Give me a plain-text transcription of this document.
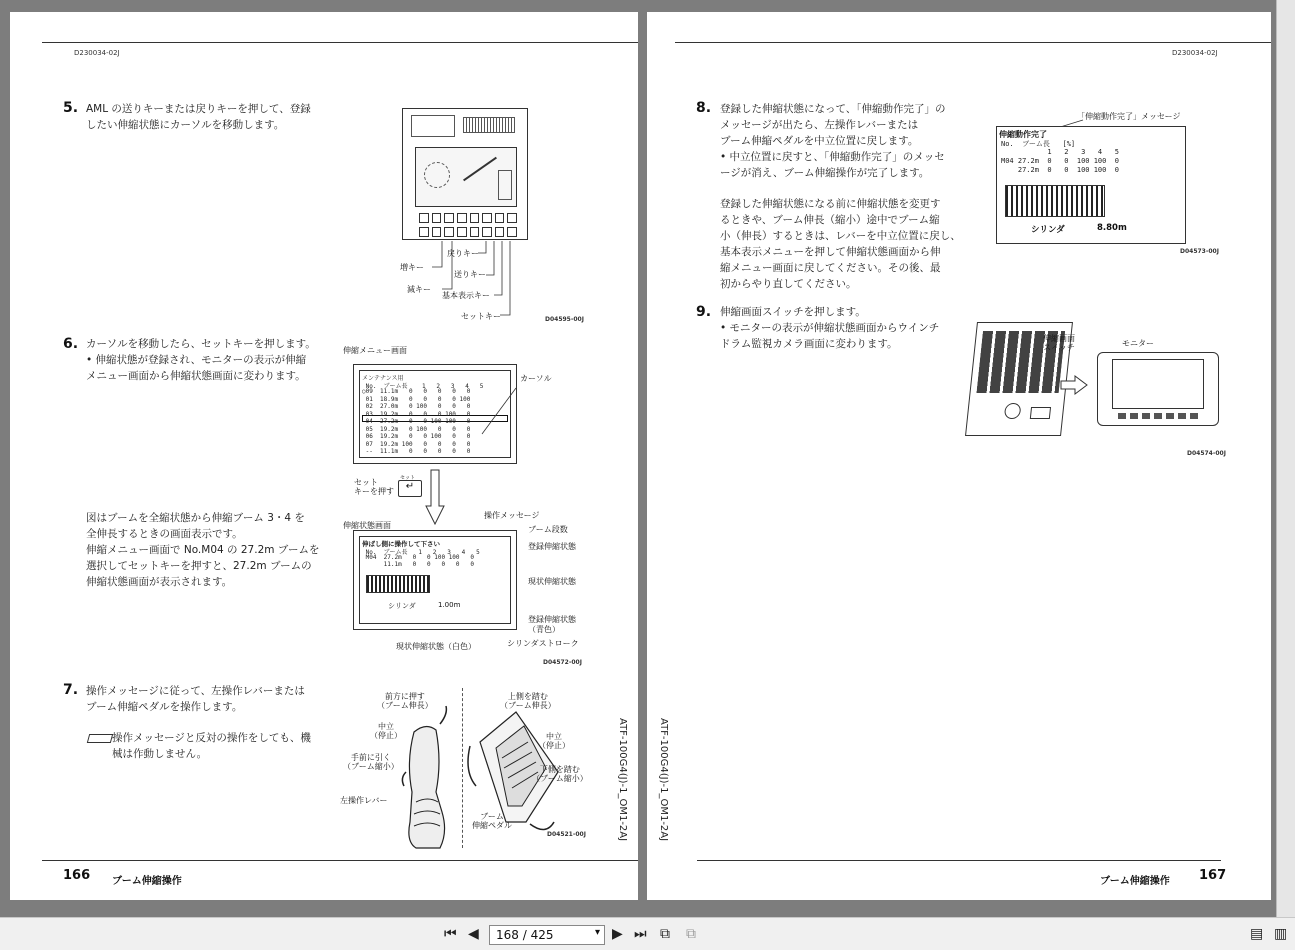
D230034-02J
5. AML の送りキーまたは戻りキーを押して、登録
したい伸縮状態にカーソルを移動します。
増キー
戻りキー
減キー
送りキー
基本表示キー
セットキー	D04595-00J
6. カーソルを移動したら、セットキーを押します。
• 伸縮状態が登録され、モニターの表示が伸縮
メニュー画面から伸縮状態画面に変わります。
図はブームを全縮状態から伸縮ブーム 3・4 を
全伸長するときの画面表示です。
伸縮メニュー画面で No.M04 の 27.2m ブームを
選択してセットキーを押すと、27.2m ブームの
伸縮状態画面が表示されます。
伸縮メニュー画面
メンテナンス用
No.  ブーム長    1   2   3   4   5
○09  11.1m   0   0   0   0   0
01  18.9m   0   0   0   0 100
02  27.0m   0 100   0   0   0
03  19.2m   0   0   0 100   0
04  27.2m   0   0 100 100   0
05  19.2m   0 100   0   0   0
06  19.2m   0   0 100   0   0
07  19.2m 100   0   0   0   0
--  11.1m   0   0   0   0   0
カーソル
セット
キーを押す
セット
↵
伸縮状態画面
操作メッセージ
ブーム段数
登録伸縮状態
現状伸縮状態
登録伸縮状態
（青色）
シリンダストローク
現状伸縮状態（白色）
伸ばし側に操作して下さい
No.  ブーム長   1   2   3   4   5
M04  27.2m   0   0 100 100   0
11.1m   0   0   0   0   0
シリンダ	1.00m
D04572-00J
7. 操作メッセージに従って、左操作レバーまたは
ブーム伸縮ペダルを操作します。
操作メッセージと反対の操作をしても、機
械は作動しません。
前方に押す
（ブーム伸長）
中立
（停止）
手前に引く
（ブーム縮小）
左操作レバー
上側を踏む
（ブーム伸長）
中立
（停止）
下側を踏む
（ブーム縮小）
ブーム
伸縮ペダル
D04521-00J	ATF-100G4(J)-1_OM1-2AJ
166 ブーム伸縮操作
D230034-02J
ATF-100G4(J)-1_OM1-2AJ
8. 登録した伸縮状態になって、「伸縮動作完了」の
メッセージが出たら、左操作レバーまたは
ブーム伸縮ペダルを中立位置に戻します。
• 中立位置に戻すと、「伸縮動作完了」のメッセ
ージが消え、ブーム伸縮操作が完了します。
登録した伸縮状態になる前に伸縮状態を変更す
るときや、ブーム伸長（縮小）途中でブーム縮
小（伸長）するときは、レバーを中立位置に戻し、
基本表示メニューを押して伸縮状態画面から伸
縮メニュー画面に戻してください。その後、最
初からやり直してください。
「伸縮動作完了」メッセージ
伸縮動作完了
No.  ブーム長   [%]
1   2   3   4   5
M04 27.2m  0   0  100 100  0
27.2m  0   0  100 100  0
シリンダ	8.80m
D04573-00J
9. 伸縮画面スイッチを押します。
• モニターの表示が伸縮状態画面からウインチ
ドラム監視カメラ画面に変わります。	伸縮画面
スイッチ	モニター
D04574-00J
ブーム伸縮操作 167
⏮ ◀	168 / 425	▾ ▶ ⏭ ⧉ ⧉	▤ ▥
